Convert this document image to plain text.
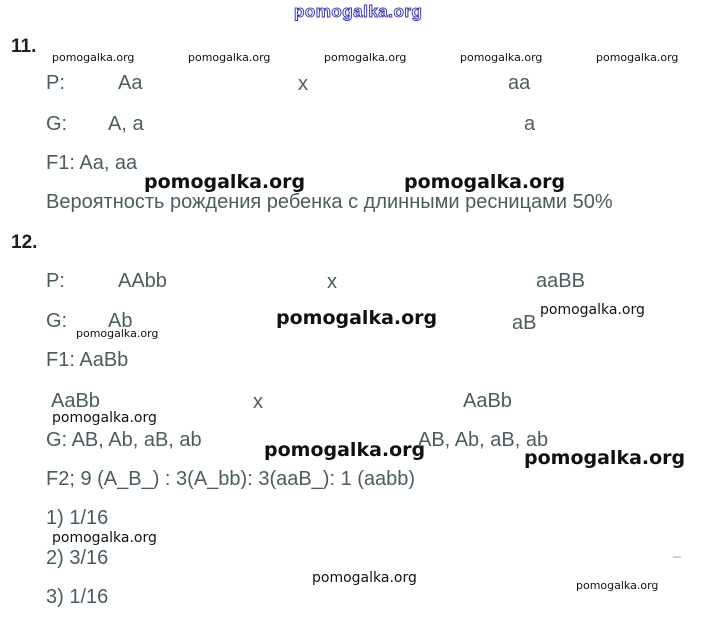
pomogalka.org
11.
P:	Aa	x	aa
G: A, a	a
F1: Aa, aa
Вероятность рождения ребенка с длинными ресницами 50%
12.
P:	AAbb	x	aaBB
G: Ab	aB
F1: AaBb
AaBb	x	AaBb
G: AB, Ab, aB, ab	AB, Ab, aB, ab
F2; 9 (A_B_) : 3(A_bb): 3(aaB_): 1 (aabb)
1) 1/16
2) 3/16
3) 1/16
pomogalka.org	pomogalka.org	pomogalka.org	pomogalka.org	pomogalka.org
pomogalka.org	pomogalka.org
pomogalka.org
pomogalka.org	pomogalka.org
pomogalka.org
pomogalka.org	pomogalka.org
pomogalka.org
pomogalka.org	pomogalka.org
